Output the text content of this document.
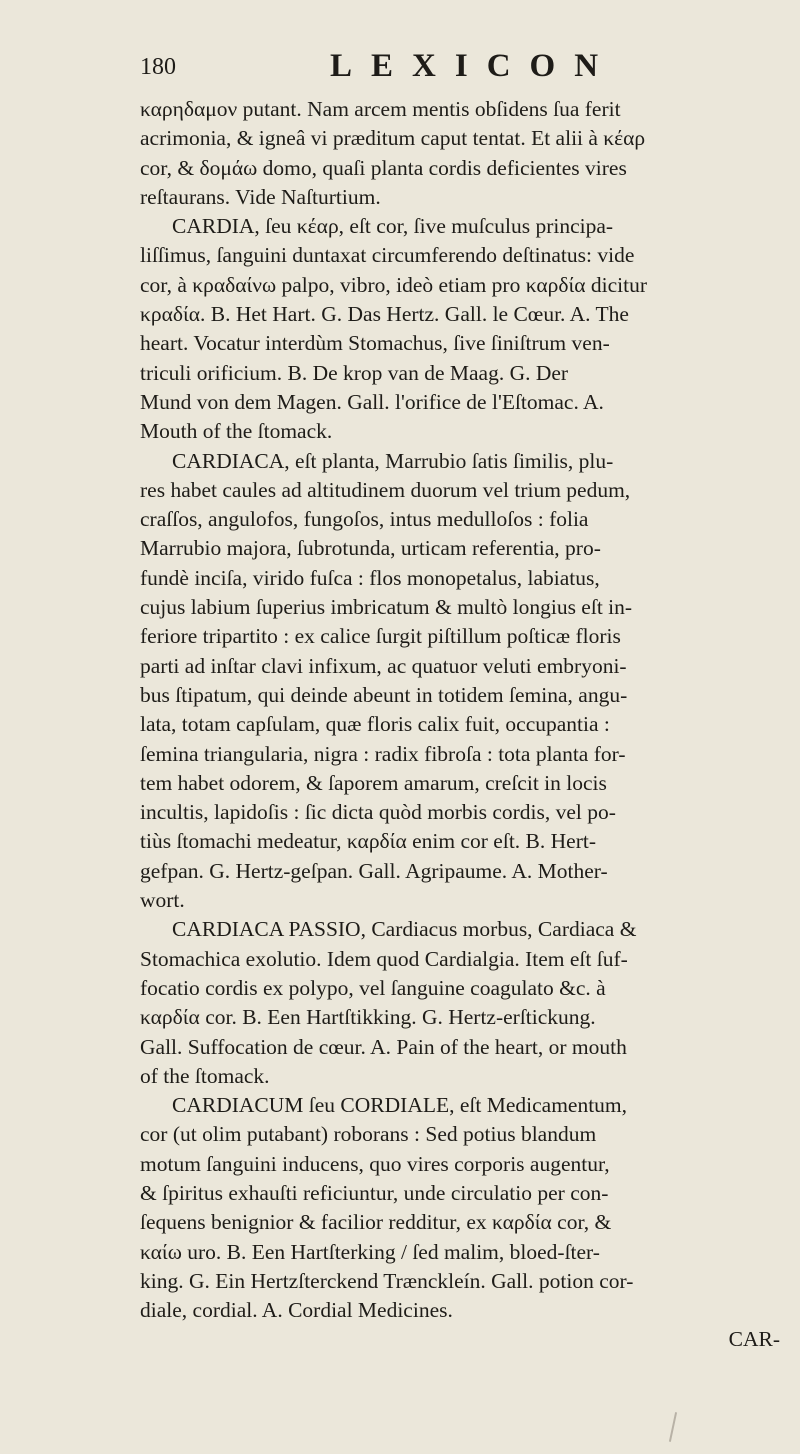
180	LEXICON
καρηδαμον putant. Nam arcem mentis obſidens ſua ferit
acrimonia, & igneâ vi præditum caput tentat. Et alii à κέαρ
cor, & δομάω domo, quaſi planta cordis deficientes vires
reſtaurans. Vide Naſturtium.
CARDIA, ſeu κέαρ, eſt cor, ſive muſculus principa-
liſſimus, ſanguini duntaxat circumferendo deſtinatus: vide
cor, à κραδαίνω palpo, vibro, ideò etiam pro καρδία dicitur
κραδία. B. Het Hart. G. Das Hertz. Gall. le Cœur. A. The
heart. Vocatur interdùm Stomachus, ſive ſiniſtrum ven-
triculi orificium. B. De krop van de Maag. G. Der
Mund von dem Magen. Gall. l'orifice de l'Eſtomac. A.
Mouth of the ſtomack.
CARDIACA, eſt planta, Marrubio ſatis ſimilis, plu-
res habet caules ad altitudinem duorum vel trium pedum,
craſſos, angulofos, fungoſos, intus medulloſos : folia
Marrubio majora, ſubrotunda, urticam referentia, pro-
fundè inciſa, virido fuſca : flos monopetalus, labiatus,
cujus labium ſuperius imbricatum & multò longius eſt in-
feriore tripartito : ex calice ſurgit piſtillum poſticæ floris
parti ad inſtar clavi infixum, ac quatuor veluti embryoni-
bus ſtipatum, qui deinde abeunt in totidem ſemina, angu-
lata, totam capſulam, quæ floris calix fuit, occupantia :
ſemina triangularia, nigra : radix fibroſa : tota planta for-
tem habet odorem, & ſaporem amarum, creſcit in locis
incultis, lapidoſis : ſic dicta quòd morbis cordis, vel po-
tiùs ſtomachi medeatur, καρδία enim cor eſt. B. Hert-
gefpan. G. Hertz-geſpan. Gall. Agripaume. A. Mother-
wort.
CARDIACA PASSIO, Cardiacus morbus, Cardiaca &
Stomachica exolutio. Idem quod Cardialgia. Item eſt ſuf-
focatio cordis ex polypo, vel ſanguine coagulato &c. à
καρδία cor. B. Een Hartſtikking. G. Hertz-erſtickung.
Gall. Suffocation de cœur. A. Pain of the heart, or mouth
of the ſtomack.
CARDIACUM ſeu CORDIALE, eſt Medicamentum,
cor (ut olim putabant) roborans : Sed potius blandum
motum ſanguini inducens, quo vires corporis augentur,
& ſpiritus exhauſti reficiuntur, unde circulatio per con-
ſequens benignior & facilior redditur, ex καρδία cor, &
καίω uro. B. Een Hartſterking / ſed malim, bloed-ſter-
king. G. Ein Hertzſterckend Trænckleín. Gall. potion cor-
diale, cordial. A. Cordial Medicines.
CAR-
